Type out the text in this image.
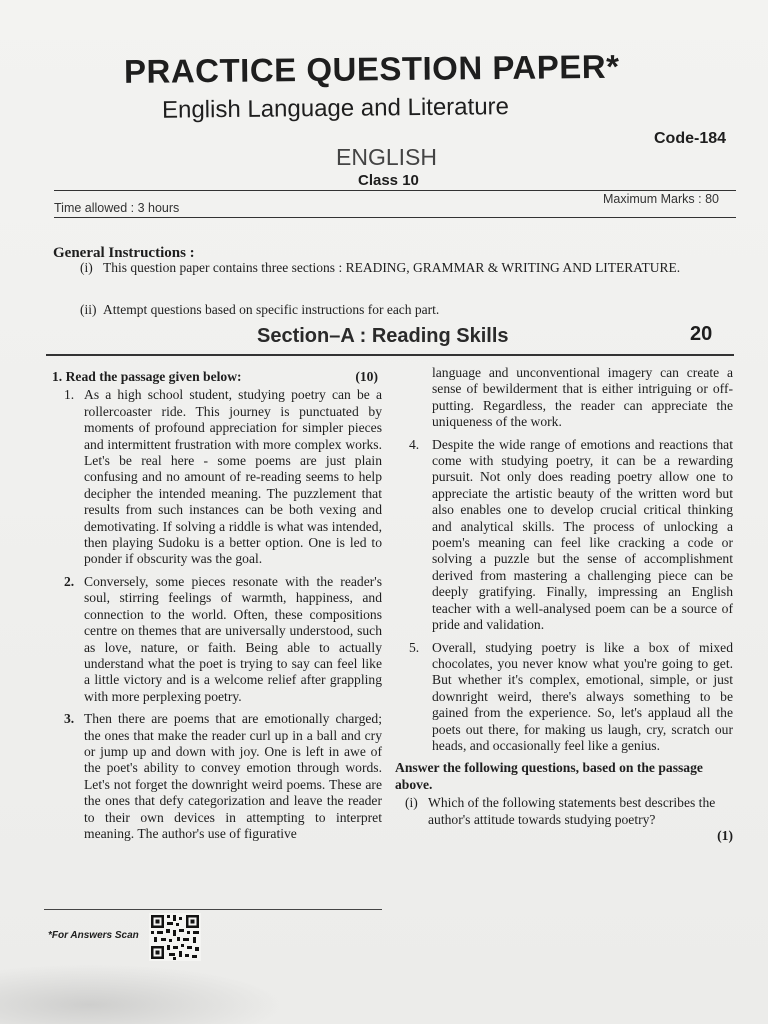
PRACTICE QUESTION PAPER*
English Language and Literature
Code-184
ENGLISH
Class 10
Maximum Marks : 80
Time allowed : 3 hours
General Instructions :
(i) This question paper contains three sections : READING, GRAMMAR & WRITING AND LITERATURE.
(ii) Attempt questions based on specific instructions for each part.
Section–A : Reading Skills	20
1. Read the passage given below:	(10)
1. As a high school student, studying poetry can be a rollercoaster ride. This journey is punctuated by moments of profound appreciation for simpler pieces and intermittent frustration with more complex works. Let's be real here - some poems are just plain confusing and no amount of re-reading seems to help decipher the intended meaning. The puzzlement that results from such instances can be both vexing and demotivating. If solving a riddle is what was intended, then playing Sudoku is a better option. One is led to ponder if obscurity was the goal.
2. Conversely, some pieces resonate with the reader's soul, stirring feelings of warmth, happiness, and connection to the world. Often, these compositions centre on themes that are universally understood, such as love, nature, or faith. Being able to actually understand what the poet is trying to say can feel like a little victory and is a welcome relief after grappling with more perplexing poetry.
3. Then there are poems that are emotionally charged; the ones that make the reader curl up in a ball and cry or jump up and down with joy. One is left in awe of the poet's ability to convey emotion through words. Let's not forget the downright weird poems. These are the ones that defy categorization and leave the reader to their own devices in attempting to interpret meaning. The author's use of figurative
language and unconventional imagery can create a sense of bewilderment that is either intriguing or off-putting. Regardless, the reader can appreciate the uniqueness of the work.
4. Despite the wide range of emotions and reactions that come with studying poetry, it can be a rewarding pursuit. Not only does reading poetry allow one to appreciate the artistic beauty of the written word but also enables one to develop crucial critical thinking and analytical skills. The process of unlocking a poem's meaning can feel like cracking a code or solving a puzzle but the sense of accomplishment derived from mastering a challenging piece can be deeply gratifying. Finally, impressing an English teacher with a well-analysed poem can be a source of pride and validation.
5. Overall, studying poetry is like a box of mixed chocolates, you never know what you're going to get. But whether it's complex, emotional, simple, or just downright weird, there's always something to be gained from the experience. So, let's applaud all the poets out there, for making us laugh, cry, scratch our heads, and occasionally feel like a genius.
Answer the following questions, based on the passage above.
(i) Which of the following statements best describes the author's attitude towards studying poetry?
(1)
*For Answers Scan
